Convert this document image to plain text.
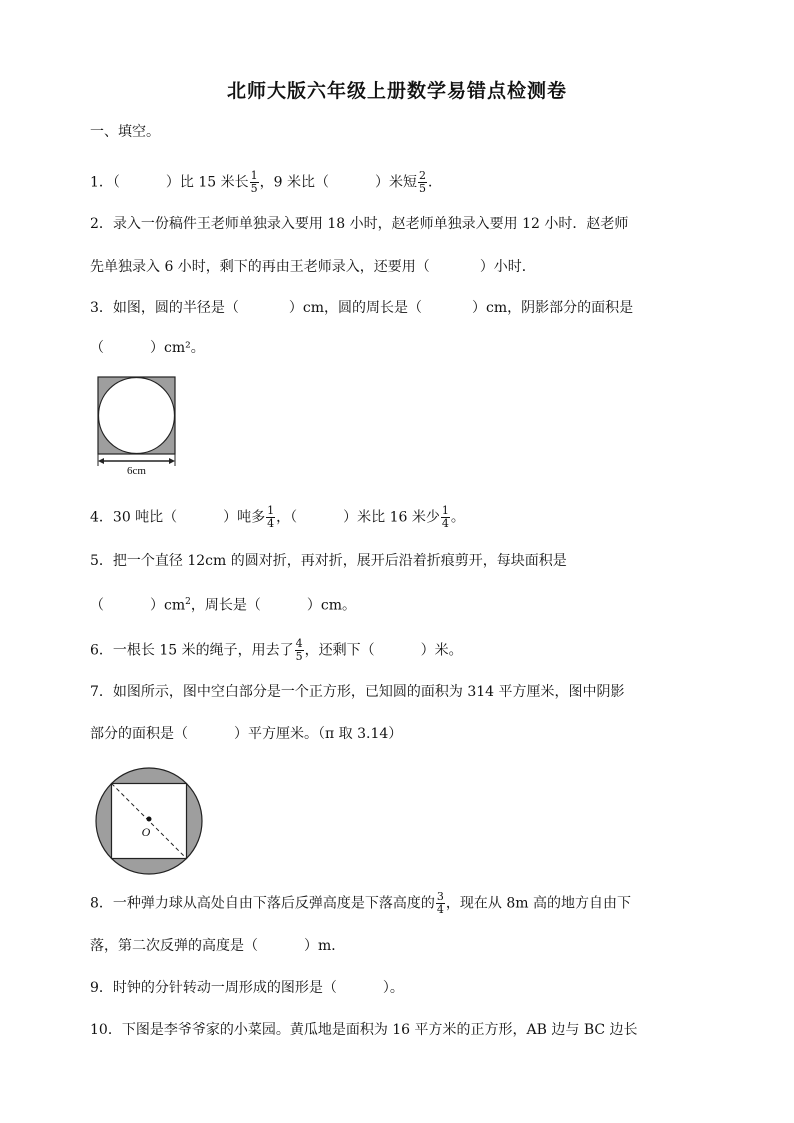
北师大版六年级上册数学易错点检测卷
一、填空。
1．（	）比 15 米长 $\frac{1}{5}$ ，9 米比（	）米短 $\frac{2}{5}$ ．
2．录入一份稿件王老师单独录入要用 18 小时，赵老师单独录入要用 12 小时．赵老师
先单独录入 6 小时，剩下的再由王老师录入，还要用（	）小时．
3．如图，圆的半径是（	）cm，圆的周长是（	）cm，阴影部分的面积是
（	）cm²。
6cm
4．30 吨比（	）吨多 $\frac{1}{4}$ ，（	）米比 16 米少 $\frac{1}{4}$ 。
5．把一个直径 12cm 的圆对折，再对折，展开后沿着折痕剪开，每块面积是
（	）$cm^2$，周长是（	）cm。
6．一根长 15 米的绳子，用去了 $\frac{4}{5}$ ，还剩下（	）米。
7．如图所示，图中空白部分是一个正方形，已知圆的面积为 314 平方厘米，图中阴影
部分的面积是（	）平方厘米。（π 取 3.14）
O
8．一种弹力球从高处自由下落后反弹高度是下落高度的 $\frac{3}{4}$ ，现在从 8m 高的地方自由下
落，第二次反弹的高度是（	）m．
9．时钟的分针转动一周形成的图形是（	）。
10．下图是李爷爷家的小菜园。黄瓜地是面积为 16 平方米的正方形，AB 边与 BC 边长
